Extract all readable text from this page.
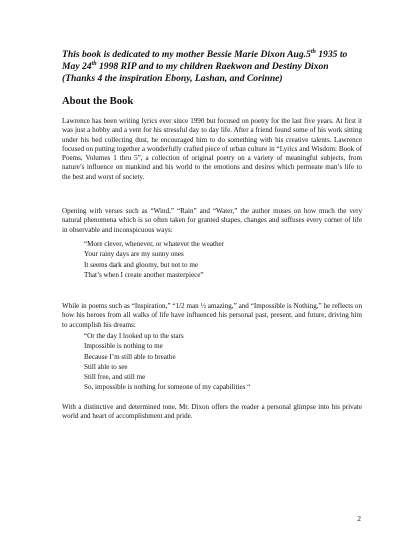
This book is dedicated to my mother Bessie Marie Dixon Aug.5th 1935 to May 24th 1998 RIP and to my children Raekwon and Destiny Dixon (Thanks 4 the inspiration Ebony, Lashan, and Corinne)
About the Book
Lawrence has been writing lyrics ever since 1990 but focused on poetry for the last five years. At first it was just a hobby and a vent for his stressful day to day life. After a friend found some of his work sitting under his bed collecting dust, he encouraged him to do something with his creative talents. Lawrence focused on putting together a wonderfully crafted piece of urban culture in “Lyrics and Wisdom: Book of Poems, Volumes 1 thru 5”, a collection of original poetry on a variety of meaningful subjects, from nature’s influence on mankind and his world to the emotions and desires which permeate man’s life to the best and worst of society.
Opening with verses such as “Wind,” “Rain” and “Water,” the author muses on how much the very natural phenomena which is so often taken for granted shapes, changes and suffuses every corner of life in observable and inconspicuous ways:
“More clever, whenever, or whatever the weather
Your rainy days are my sunny ones
It seems dark and gloomy, but not to me
That’s when I create another masterpiece”
While in poems such as “Inspiration,” “1/2 man ½ amazing,” and “Impossible is Nothing,” he reflects on how his heroes from all walks of life have influenced his personal past, present, and future, driving him to accomplish his dreams:
“Or the day I looked up to the stars
Impossible is nothing to me
Because I’m still able to breathe
Still able to see
Still free, and still me
So, impossible is nothing for someone of my capabilities “
With a distinctive and determined tone, Mr. Dixon offers the reader a personal glimpse into his private world and heart of accomplishment and pride.
2
